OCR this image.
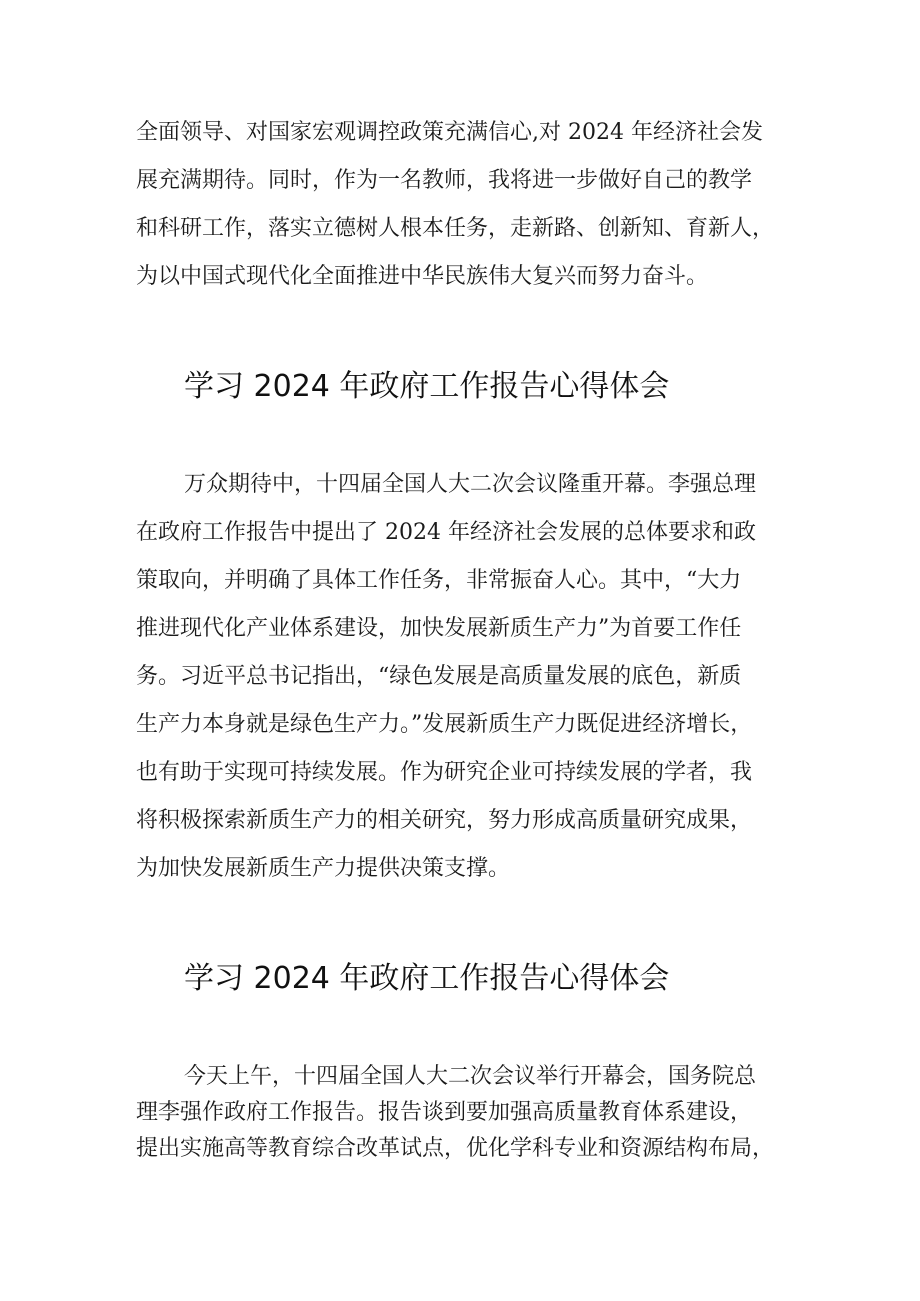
全面领导、对国家宏观调控政策充满信心,对 2024 年经济社会发

展充满期待。同时，作为一名教师，我将进一步做好自己的教学

和科研工作，落实立德树人根本任务，走新路、创新知、育新人，

为以中国式现代化全面推进中华民族伟大复兴而努力奋斗。

学习 2024 年政府工作报告心得体会

万众期待中，十四届全国人大二次会议隆重开幕。李强总理

在政府工作报告中提出了 2024 年经济社会发展的总体要求和政

策取向，并明确了具体工作任务，非常振奋人心。其中，“大力

推进现代化产业体系建设，加快发展新质生产力”为首要工作任

务。习近平总书记指出，“绿色发展是高质量发展的底色，新质

生产力本身就是绿色生产力。”发展新质生产力既促进经济增长，

也有助于实现可持续发展。作为研究企业可持续发展的学者，我

将积极探索新质生产力的相关研究，努力形成高质量研究成果，

为加快发展新质生产力提供决策支撑。

学习 2024 年政府工作报告心得体会

今天上午，十四届全国人大二次会议举行开幕会，国务院总

理李强作政府工作报告。报告谈到要加强高质量教育体系建设，

提出实施高等教育综合改革试点，优化学科专业和资源结构布局，
